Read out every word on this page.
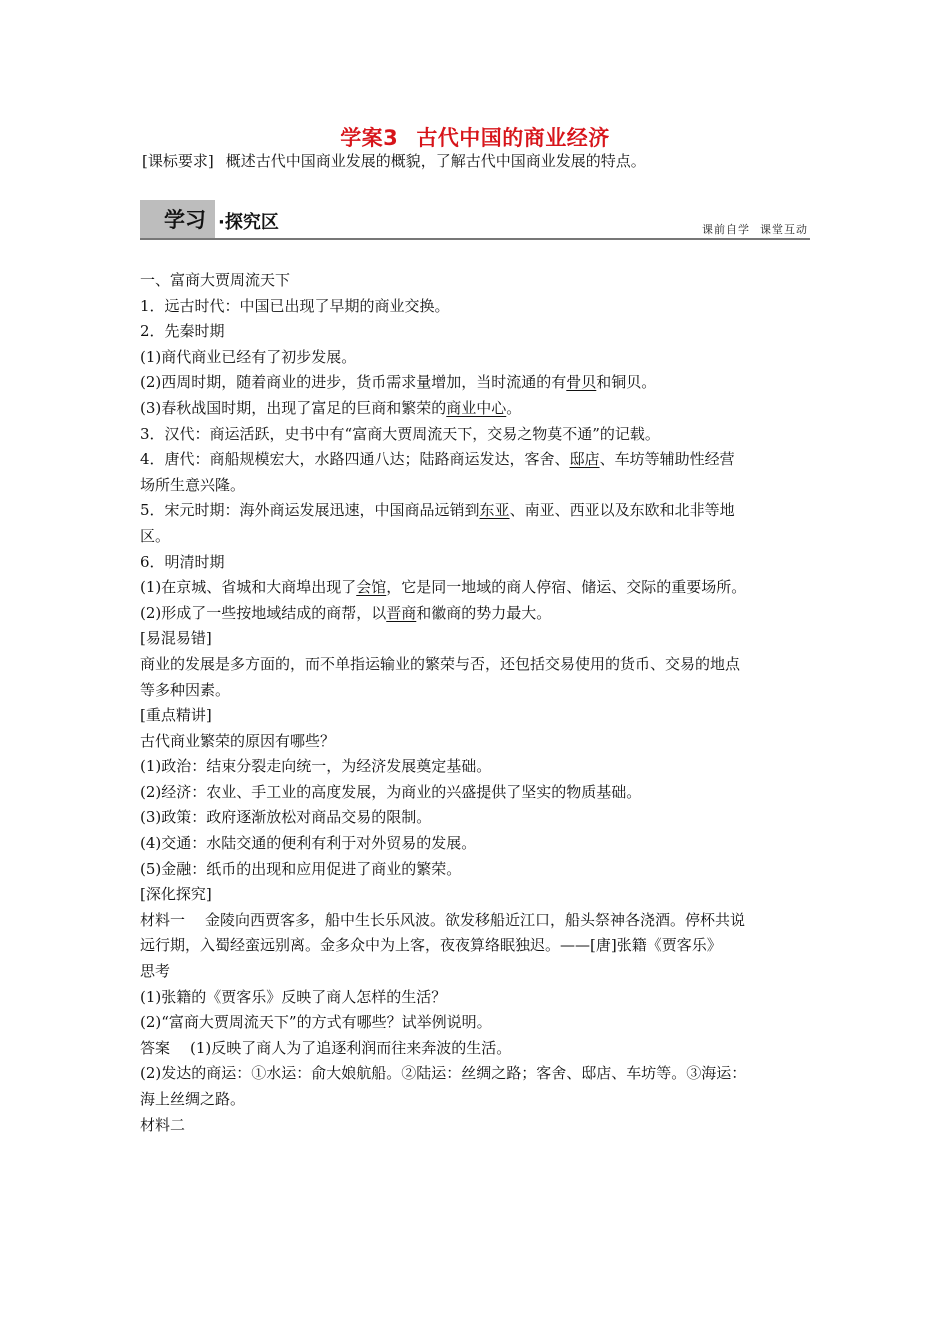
学案3 古代中国的商业经济
[课标要求] 概述古代中国商业发展的概貌，了解古代中国商业发展的特点。
学习 ·探究区	课前自学 课堂互动

一、富商大贾周流天下

1．远古时代：中国已出现了早期的商业交换。

2．先秦时期

(1)商代商业已经有了初步发展。

(2)西周时期，随着商业的进步，货币需求量增加，当时流通的有骨贝和铜贝。

(3)春秋战国时期，出现了富足的巨商和繁荣的商业中心。

3．汉代：商运活跃，史书中有“富商大贾周流天下，交易之物莫不通”的记载。

4．唐代：商船规模宏大，水路四通八达；陆路商运发达，客舍、邸店、车坊等辅助性经营

场所生意兴隆。

5．宋元时期：海外商运发展迅速，中国商品远销到东亚、南亚、西亚以及东欧和北非等地

区。

6．明清时期

(1)在京城、省城和大商埠出现了会馆，它是同一地域的商人停宿、储运、交际的重要场所。

(2)形成了一些按地域结成的商帮，以晋商和徽商的势力最大。

[易混易错]

商业的发展是多方面的，而不单指运输业的繁荣与否，还包括交易使用的货币、交易的地点

等多种因素。

[重点精讲]

古代商业繁荣的原因有哪些？

(1)政治：结束分裂走向统一，为经济发展奠定基础。

(2)经济：农业、手工业的高度发展，为商业的兴盛提供了坚实的物质基础。

(3)政策：政府逐渐放松对商品交易的限制。

(4)交通：水陆交通的便利有利于对外贸易的发展。

(5)金融：纸币的出现和应用促进了商业的繁荣。

[深化探究]

材料一 金陵向西贾客多，船中生长乐风波。欲发移船近江口，船头祭神各浇酒。停杯共说

远行期，入蜀经蛮远别离。金多众中为上客，夜夜算络眠独迟。——[唐]张籍《贾客乐》

思考

(1)张籍的《贾客乐》反映了商人怎样的生活？

(2)“富商大贾周流天下”的方式有哪些？试举例说明。

答案 (1)反映了商人为了追逐利润而往来奔波的生活。

(2)发达的商运：①水运：俞大娘航船。②陆运：丝绸之路；客舍、邸店、车坊等。③海运：

海上丝绸之路。

材料二
